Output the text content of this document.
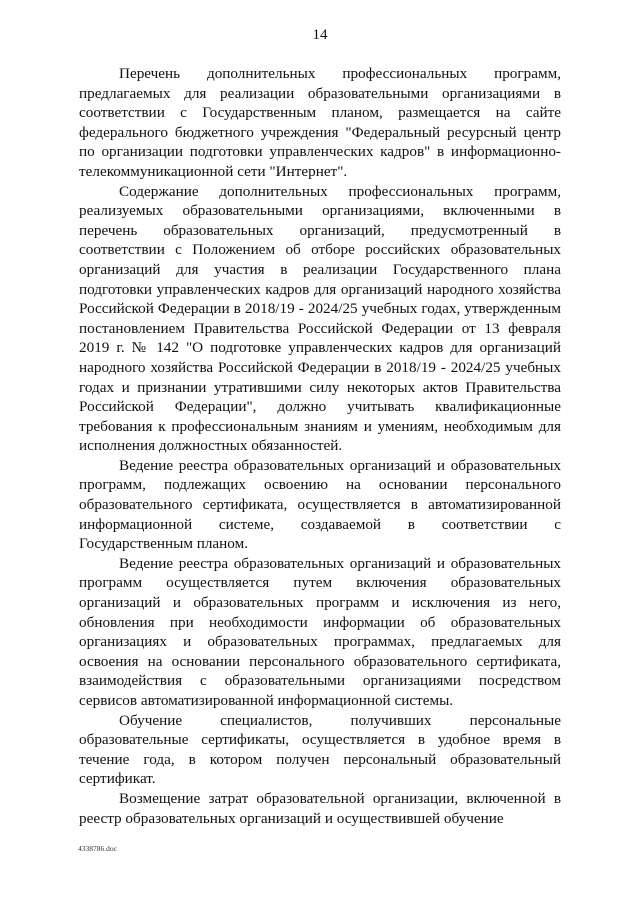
14

Перечень дополнительных профессиональных программ, предлагаемых для реализации образовательными организациями в соответствии с Государственным планом, размещается на сайте федерального бюджетного учреждения "Федеральный ресурсный центр по организации подготовки управленческих кадров" в информационно-телекоммуникационной сети "Интернет".

Содержание дополнительных профессиональных программ, реализуемых образовательными организациями, включенными в перечень образовательных организаций, предусмотренный в соответствии с Положением об отборе российских образовательных организаций для участия в реализации Государственного плана подготовки управленческих кадров для организаций народного хозяйства Российской Федерации в 2018/19 - 2024/25 учебных годах, утвержденным постановлением Правительства Российской Федерации от 13 февраля 2019 г. № 142 "О подготовке управленческих кадров для организаций народного хозяйства Российской Федерации в 2018/19 - 2024/25 учебных годах и признании утратившими силу некоторых актов Правительства Российской Федерации", должно учитывать квалификационные требования к профессиональным знаниям и умениям, необходимым для исполнения должностных обязанностей.

Ведение реестра образовательных организаций и образовательных программ, подлежащих освоению на основании персонального образовательного сертификата, осуществляется в автоматизированной информационной системе, создаваемой в соответствии с Государственным планом.

Ведение реестра образовательных организаций и образовательных программ осуществляется путем включения образовательных организаций и образовательных программ и исключения из него, обновления при необходимости информации об образовательных организациях и образовательных программах, предлагаемых для освоения на основании персонального образовательного сертификата, взаимодействия с образовательными организациями посредством сервисов автоматизированной информационной системы.

Обучение специалистов, получивших персональные образовательные сертификаты, осуществляется в удобное время в течение года, в котором получен персональный образовательный сертификат.

Возмещение затрат образовательной организации, включенной в реестр образовательных организаций и осуществившей обучение

4338786.doc
